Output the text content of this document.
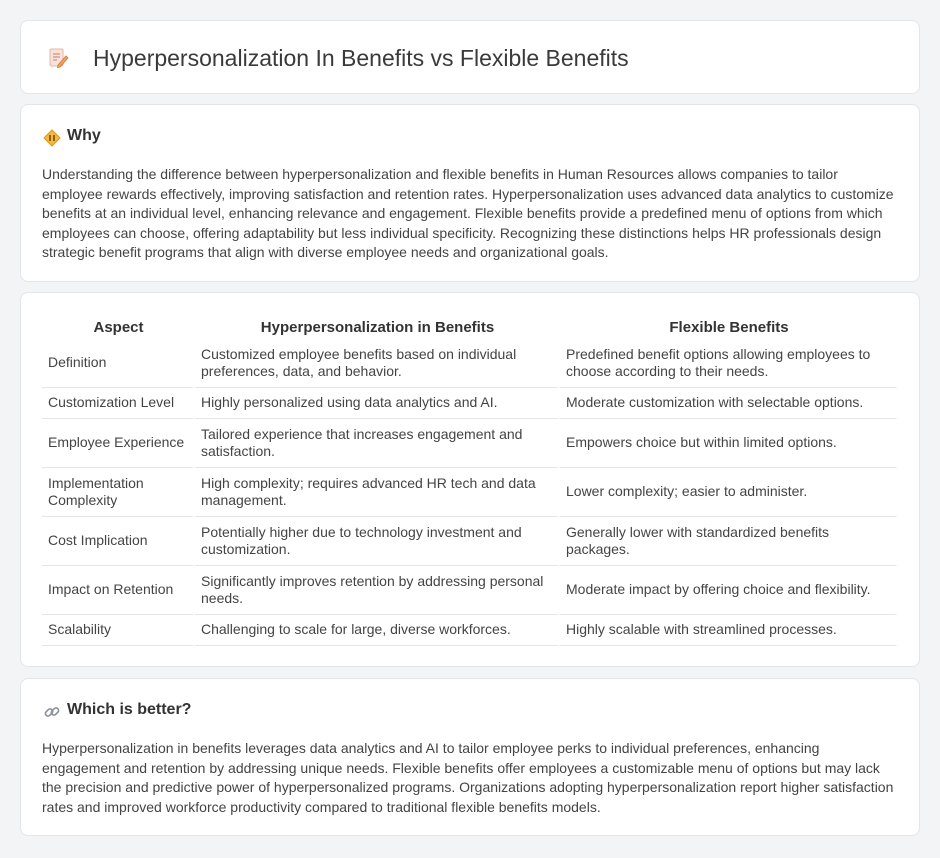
Hyperpersonalization In Benefits vs Flexible Benefits
Why

Understanding the difference between hyperpersonalization and flexible benefits in Human Resources allows companies to tailor employee rewards effectively, improving satisfaction and retention rates. Hyperpersonalization uses advanced data analytics to customize benefits at an individual level, enhancing relevance and engagement. Flexible benefits provide a predefined menu of options from which employees can choose, offering adaptability but less individual specificity. Recognizing these distinctions helps HR professionals design strategic benefit programs that align with diverse employee needs and organizational goals.

Aspect	Hyperpersonalization in Benefits	Flexible Benefits
Definition	Customized employee benefits based on individual preferences, data, and behavior.	Predefined benefit options allowing employees to choose according to their needs.
Customization Level	Highly personalized using data analytics and AI.	Moderate customization with selectable options.
Employee Experience	Tailored experience that increases engagement and satisfaction.	Empowers choice but within limited options.
Implementation Complexity	High complexity; requires advanced HR tech and data management.	Lower complexity; easier to administer.
Cost Implication	Potentially higher due to technology investment and customization.	Generally lower with standardized benefits packages.
Impact on Retention	Significantly improves retention by addressing personal needs.	Moderate impact by offering choice and flexibility.
Scalability	Challenging to scale for large, diverse workforces.	Highly scalable with streamlined processes.
Which is better?

Hyperpersonalization in benefits leverages data analytics and AI to tailor employee perks to individual preferences, enhancing engagement and retention by addressing unique needs. Flexible benefits offer employees a customizable menu of options but may lack the precision and predictive power of hyperpersonalized programs. Organizations adopting hyperpersonalization report higher satisfaction rates and improved workforce productivity compared to traditional flexible benefits models.
